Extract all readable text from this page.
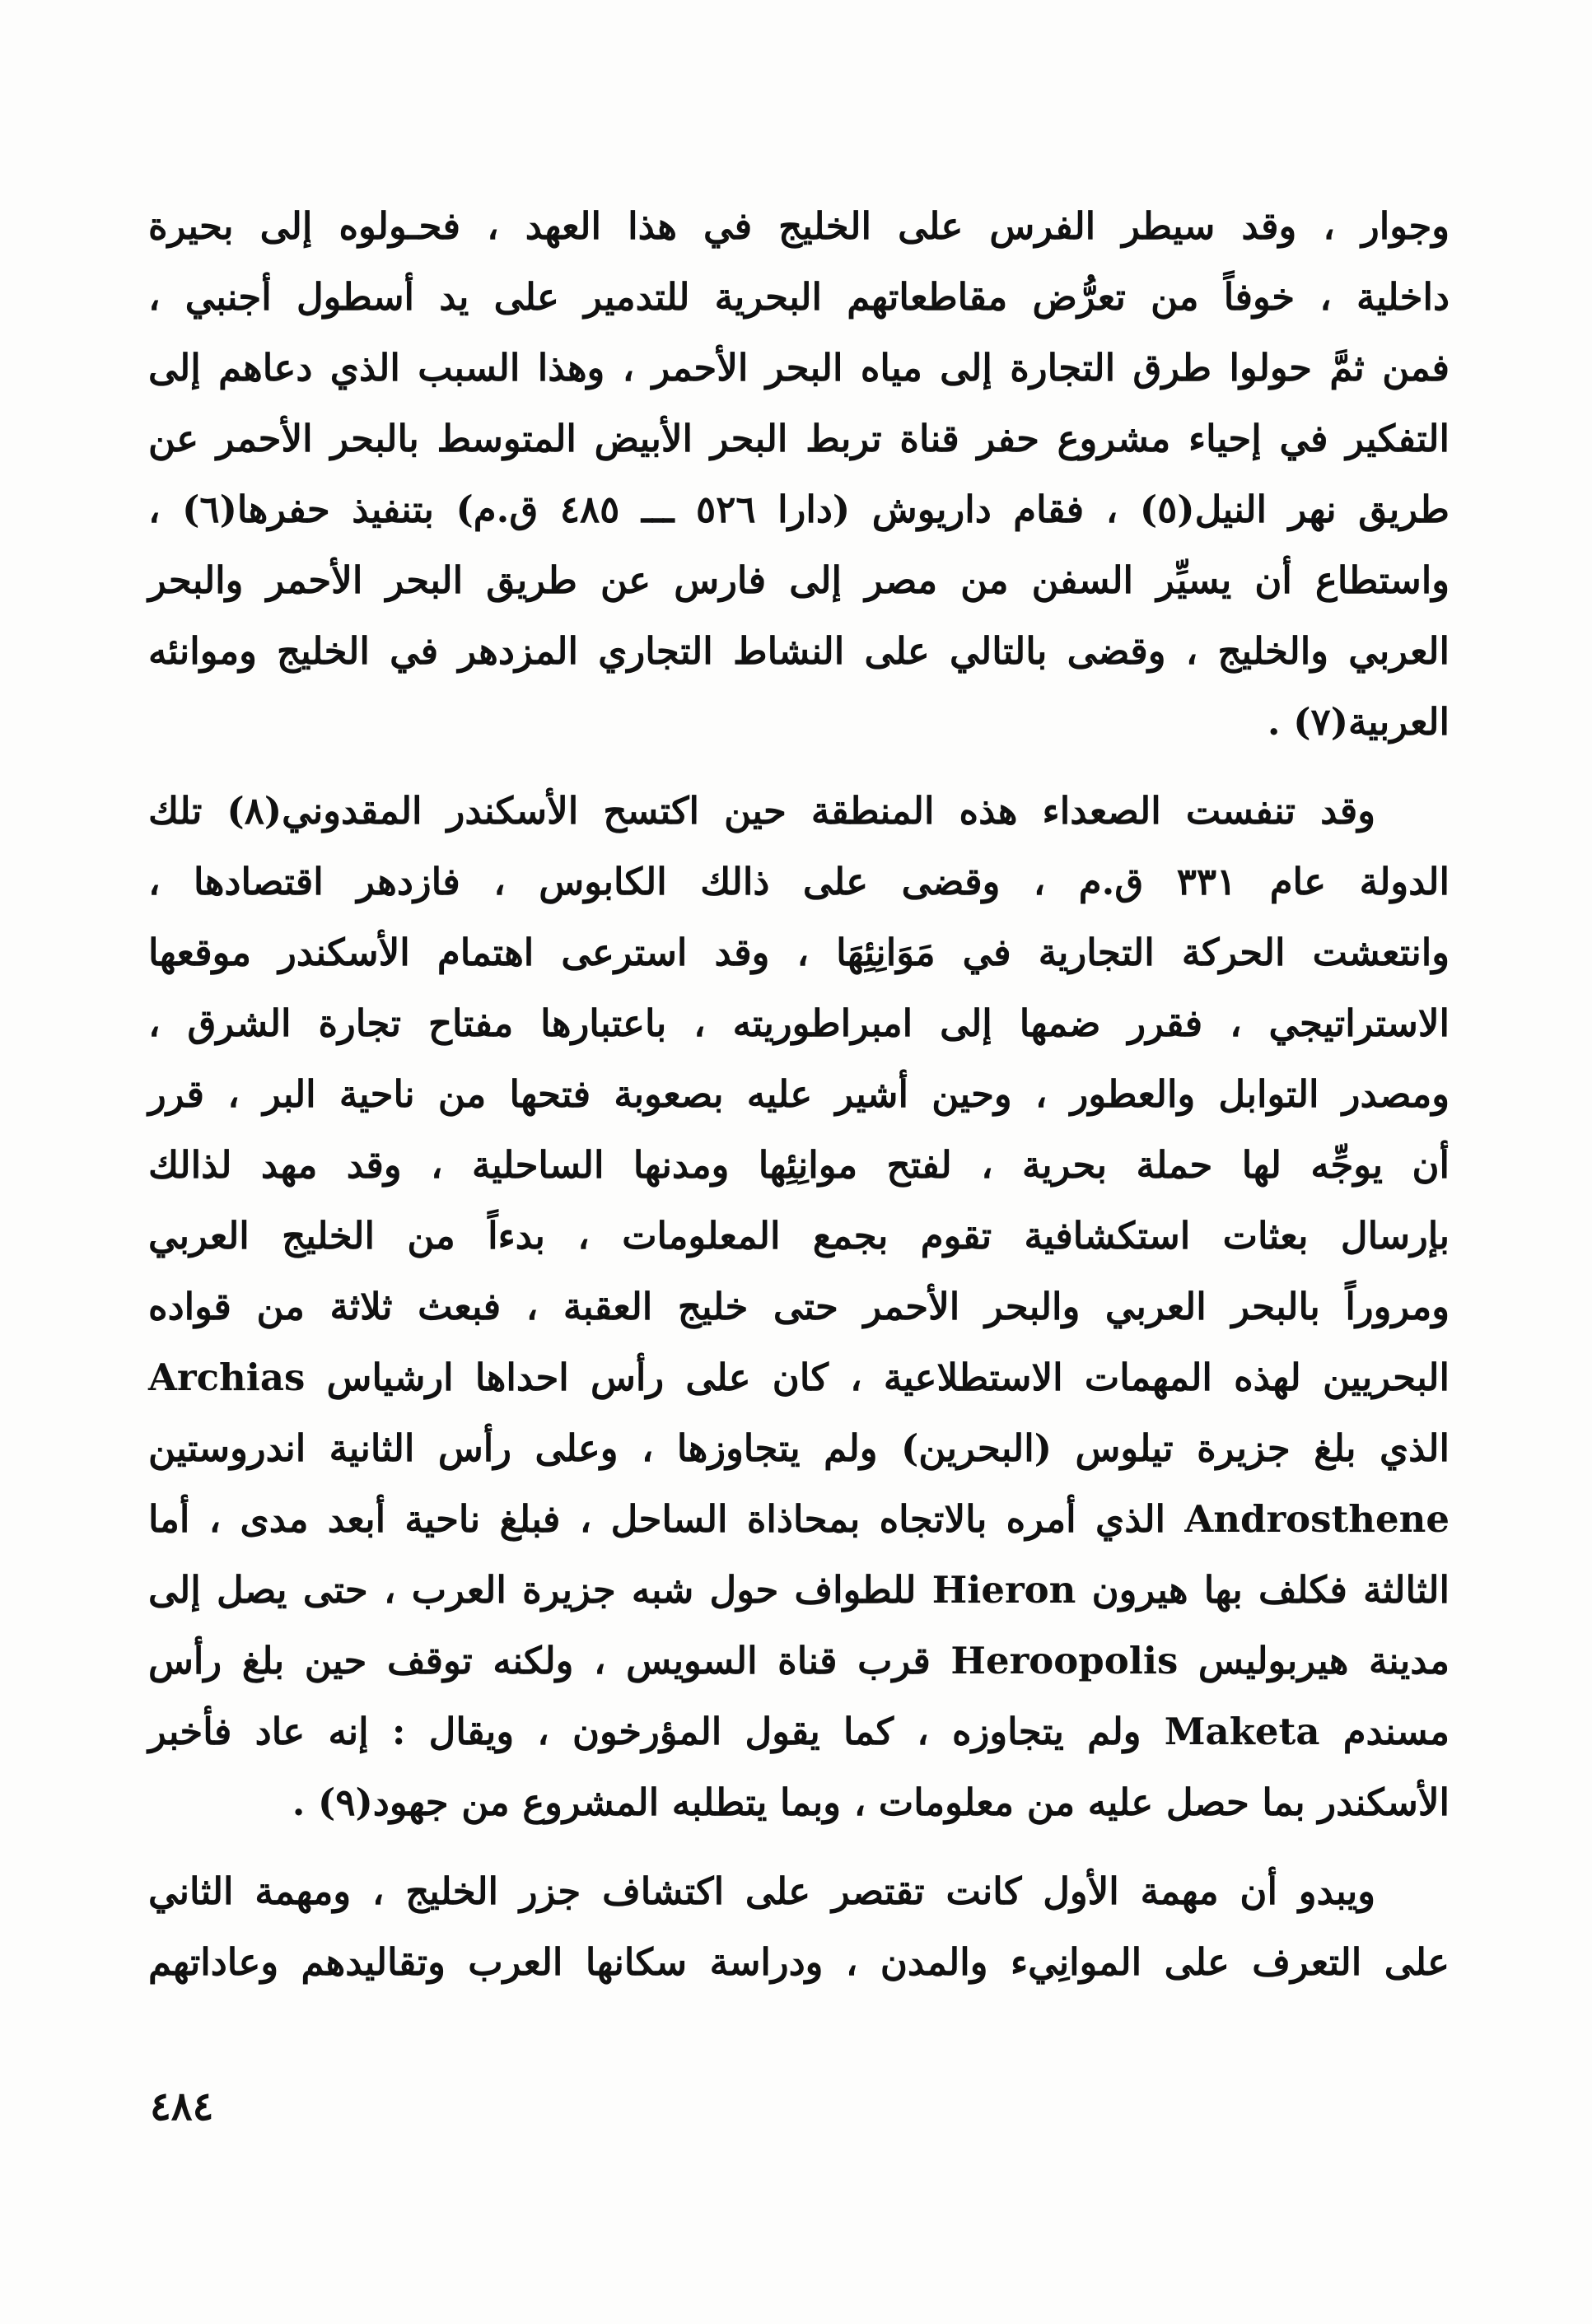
وجوار ، وقد سيطر الفرس على الخليج في هذا العهد ، فحـولوه إلى بحيرة
داخلية ، خوفاً من تعرُّض مقاطعاتهم البحرية للتدمير على يد أسطول أجنبي ،
فمن ثمَّ حولوا طرق التجارة إلى مياه البحر الأحمر ، وهذا السبب الذي دعاهم إلى
التفكير في إحياء مشروع حفر قناة تربط البحر الأبيض المتوسط بالبحر الأحمر عن
طريق نهر النيل(٥) ، فقام داريوش (دارا ٥٢٦ ـــ ٤٨٥ ق.م) بتنفيذ حفرها(٦) ،
واستطاع أن يسيِّر السفن من مصر إلى فارس عن طريق البحر الأحمر والبحر
العربي والخليج ، وقضى بالتالي على النشاط التجاري المزدهر في الخليج وموانئه
العربية(٧) .

وقد تنفست الصعداء هذه المنطقة حين اكتسح الأسكندر المقدوني(٨) تلك
الدولة عام ٣٣١ ق.م ، وقضى على ذالك الكابوس ، فازدهر اقتصادها ،
وانتعشت الحركة التجارية في مَوَانِئِهَا ، وقد استرعى اهتمام الأسكندر موقعها
الاستراتيجي ، فقرر ضمها إلى امبراطوريته ، باعتبارها مفتاح تجارة الشرق ،
ومصدر التوابل والعطور ، وحين أشير عليه بصعوبة فتحها من ناحية البر ، قرر
أن يوجِّه لها حملة بحرية ، لفتح موانِئِها ومدنها الساحلية ، وقد مهد لذالك
بإرسال بعثات استكشافية تقوم بجمع المعلومات ، بدءاً من الخليج العربي
ومروراً بالبحر العربي والبحر الأحمر حتى خليج العقبة ، فبعث ثلاثة من قواده
البحريين لهذه المهمات الاستطلاعية ، كان على رأس احداها ارشياس Archias
الذي بلغ جزيرة تيلوس (البحرين) ولم يتجاوزها ، وعلى رأس الثانية اندروستين
Androsthene الذي أمره بالاتجاه بمحاذاة الساحل ، فبلغ ناحية أبعد مدى ، أما
الثالثة فكلف بها هيرون Hieron للطواف حول شبه جزيرة العرب ، حتى يصل إلى
مدينة هيربوليس Heroopolis قرب قناة السويس ، ولكنه توقف حين بلغ رأس
مسندم Maketa ولم يتجاوزه ، كما يقول المؤرخون ، ويقال : إنه عاد فأخبر
الأسكندر بما حصل عليه من معلومات ، وبما يتطلبه المشروع من جهود(٩) .

ويبدو أن مهمة الأول كانت تقتصر على اكتشاف جزر الخليج ، ومهمة الثاني
على التعرف على الموانِيء والمدن ، ودراسة سكانها العرب وتقاليدهم وعاداتهم

٤٨٤
